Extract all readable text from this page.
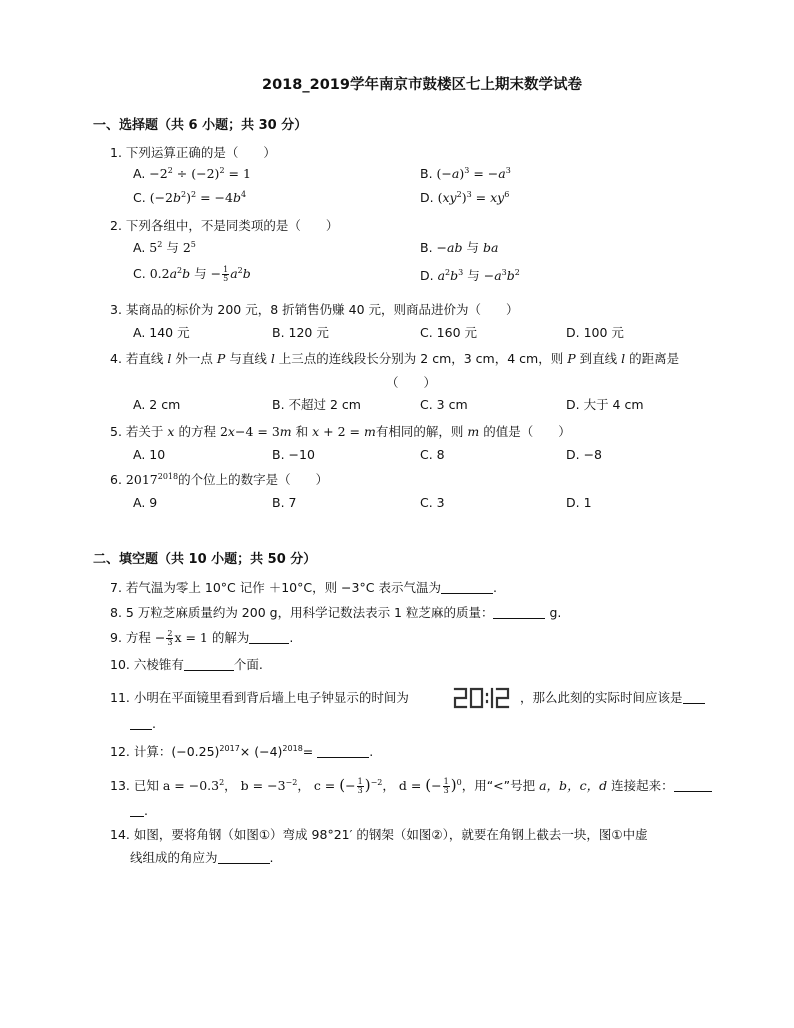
2018_2019学年南京市鼓楼区七上期末数学试卷
一、选择题（共 6 小题；共 30 分）
1. 下列运算正确的是（　　）
A. $-2^2 \div (-2)^2 = 1$	B. $(-a)^3 = -a^3$
C. $(-2b^2)^2 = -4b^4$	D. $(xy^2)^3 = xy^6$
2. 下列各组中，不是同类项的是（　　）
A. $5^2$ 与 $2^5$	B. −ab 与 ba
C. $0.2a^2b$ 与 − $\frac{1}{5} a^2b$	D. $a^2b^3$ 与 $-a^3b^2$
3. 某商品的标价为 200 元，8 折销售仍赚 40 元，则商品进价为（　　）
A. 140 元	B. 120 元	C. 160 元	D. 100 元
4. 若直线 l 外一点 P 与直线 l 上三点的连线段长分别为 2 cm，3 cm，4 cm，则 P 到直线 l 的距离是
（　　）
A. 2 cm	B. 不超过 2 cm	C. 3 cm	D. 大于 4 cm
5. 若关于 x 的方程 2x−4 = 3m 和 x + 2 = m有相同的解，则 m 的值是（　　）
A. 10	B. −10	C. 8	D. −8
6. $2017^{2018}$的个位上的数字是（　　）
A. 9	B. 7	C. 3	D. 1
二、填空题（共 10 小题；共 50 分）
7. 若气温为零上 10°C 记作 ＋10°C，则 −3°C 表示气温为	.
8. 5 万粒芝麻质量约为 200 g，用科学记数法表示 1 粒芝麻的质量：	g.
9. 方程 − $\frac{2}{3}$ x = 1 的解为	.
10. 六棱锥有	个面.
11. 小明在平面镜里看到背后墙上电子钟显示的时间为	，那么此刻的实际时间应该是
.
12. 计算：$(-0.25)^{2017}\times (-4)^{2018}=$	.
13. 已知 $a = -0.3^2$， $b = -3^{-2}$， c = (− $\frac{1}{3} )^{-2}$， d = (− $\frac{1}{3} )^0$，用“<”号把 a，b，c，d 连接起来：
.
14. 如图，要将角钢（如图①）弯成 98°21′ 的钢架（如图②），就要在角钢上截去一块，图①中虚
线组成的角应为	.
